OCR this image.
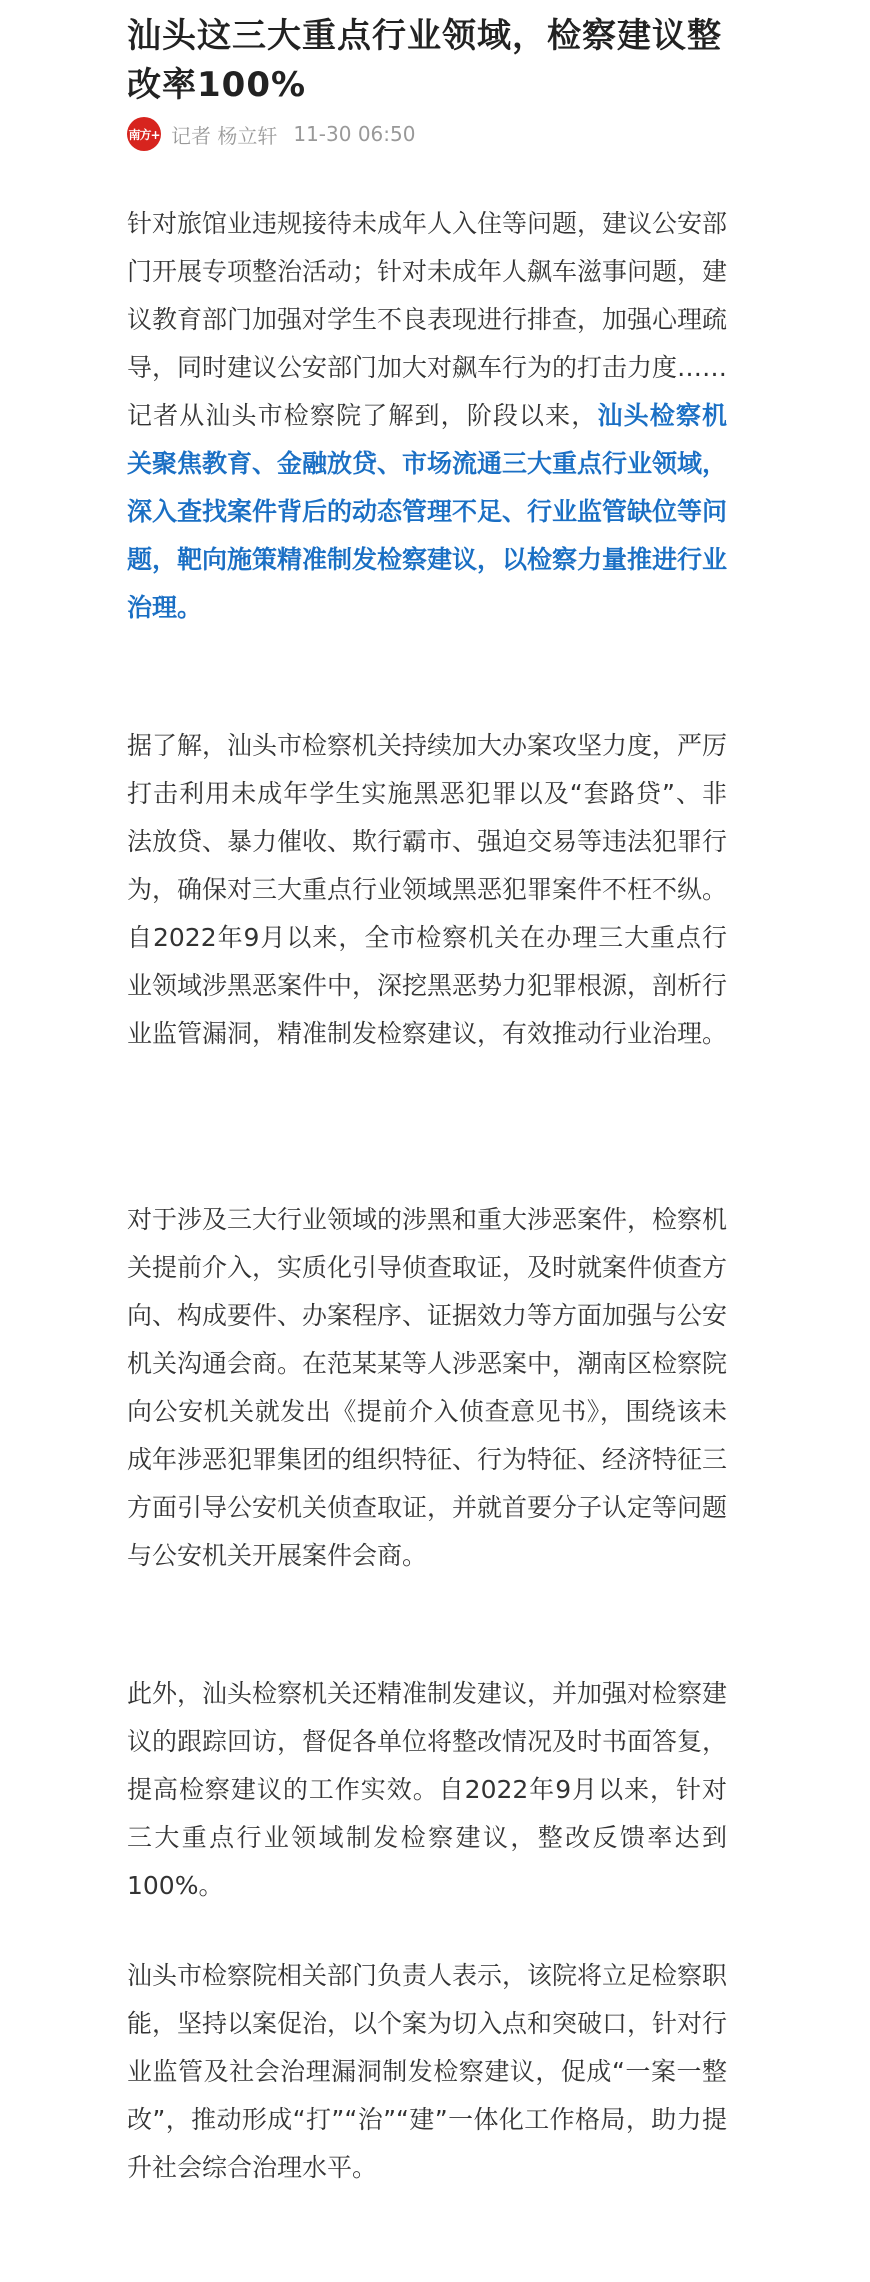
汕头这三大重点行业领域，检察建议整改率100%
南方+ 记者 杨立轩 11-30 06:50

针对旅馆业违规接待未成年人入住等问题，建议公安部门开展专项整治活动；针对未成年人飙车滋事问题，建议教育部门加强对学生不良表现进行排查，加强心理疏导，同时建议公安部门加大对飙车行为的打击力度……记者从汕头市检察院了解到，阶段以来，汕头检察机关聚焦教育、金融放贷、市场流通三大重点行业领域，深入查找案件背后的动态管理不足、行业监管缺位等问题，靶向施策精准制发检察建议，以检察力量推进行业治理。

据了解，汕头市检察机关持续加大办案攻坚力度，严厉打击利用未成年学生实施黑恶犯罪以及“套路贷”、非法放贷、暴力催收、欺行霸市、强迫交易等违法犯罪行为，确保对三大重点行业领域黑恶犯罪案件不枉不纵。自2022年9月以来，全市检察机关在办理三大重点行业领域涉黑恶案件中，深挖黑恶势力犯罪根源，剖析行业监管漏洞，精准制发检察建议，有效推动行业治理。

对于涉及三大行业领域的涉黑和重大涉恶案件，检察机关提前介入，实质化引导侦查取证，及时就案件侦查方向、构成要件、办案程序、证据效力等方面加强与公安机关沟通会商。在范某某等人涉恶案中，潮南区检察院向公安机关就发出《提前介入侦查意见书》，围绕该未成年涉恶犯罪集团的组织特征、行为特征、经济特征三方面引导公安机关侦查取证，并就首要分子认定等问题与公安机关开展案件会商。

此外，汕头检察机关还精准制发建议，并加强对检察建议的跟踪回访，督促各单位将整改情况及时书面答复，提高检察建议的工作实效。自2022年9月以来，针对三大重点行业领域制发检察建议，整改反馈率达到100%。

汕头市检察院相关部门负责人表示，该院将立足检察职能，坚持以案促治，以个案为切入点和突破口，针对行业监管及社会治理漏洞制发检察建议，促成“一案一整改”，推动形成“打”“治”“建”一体化工作格局，助力提升社会综合治理水平。
